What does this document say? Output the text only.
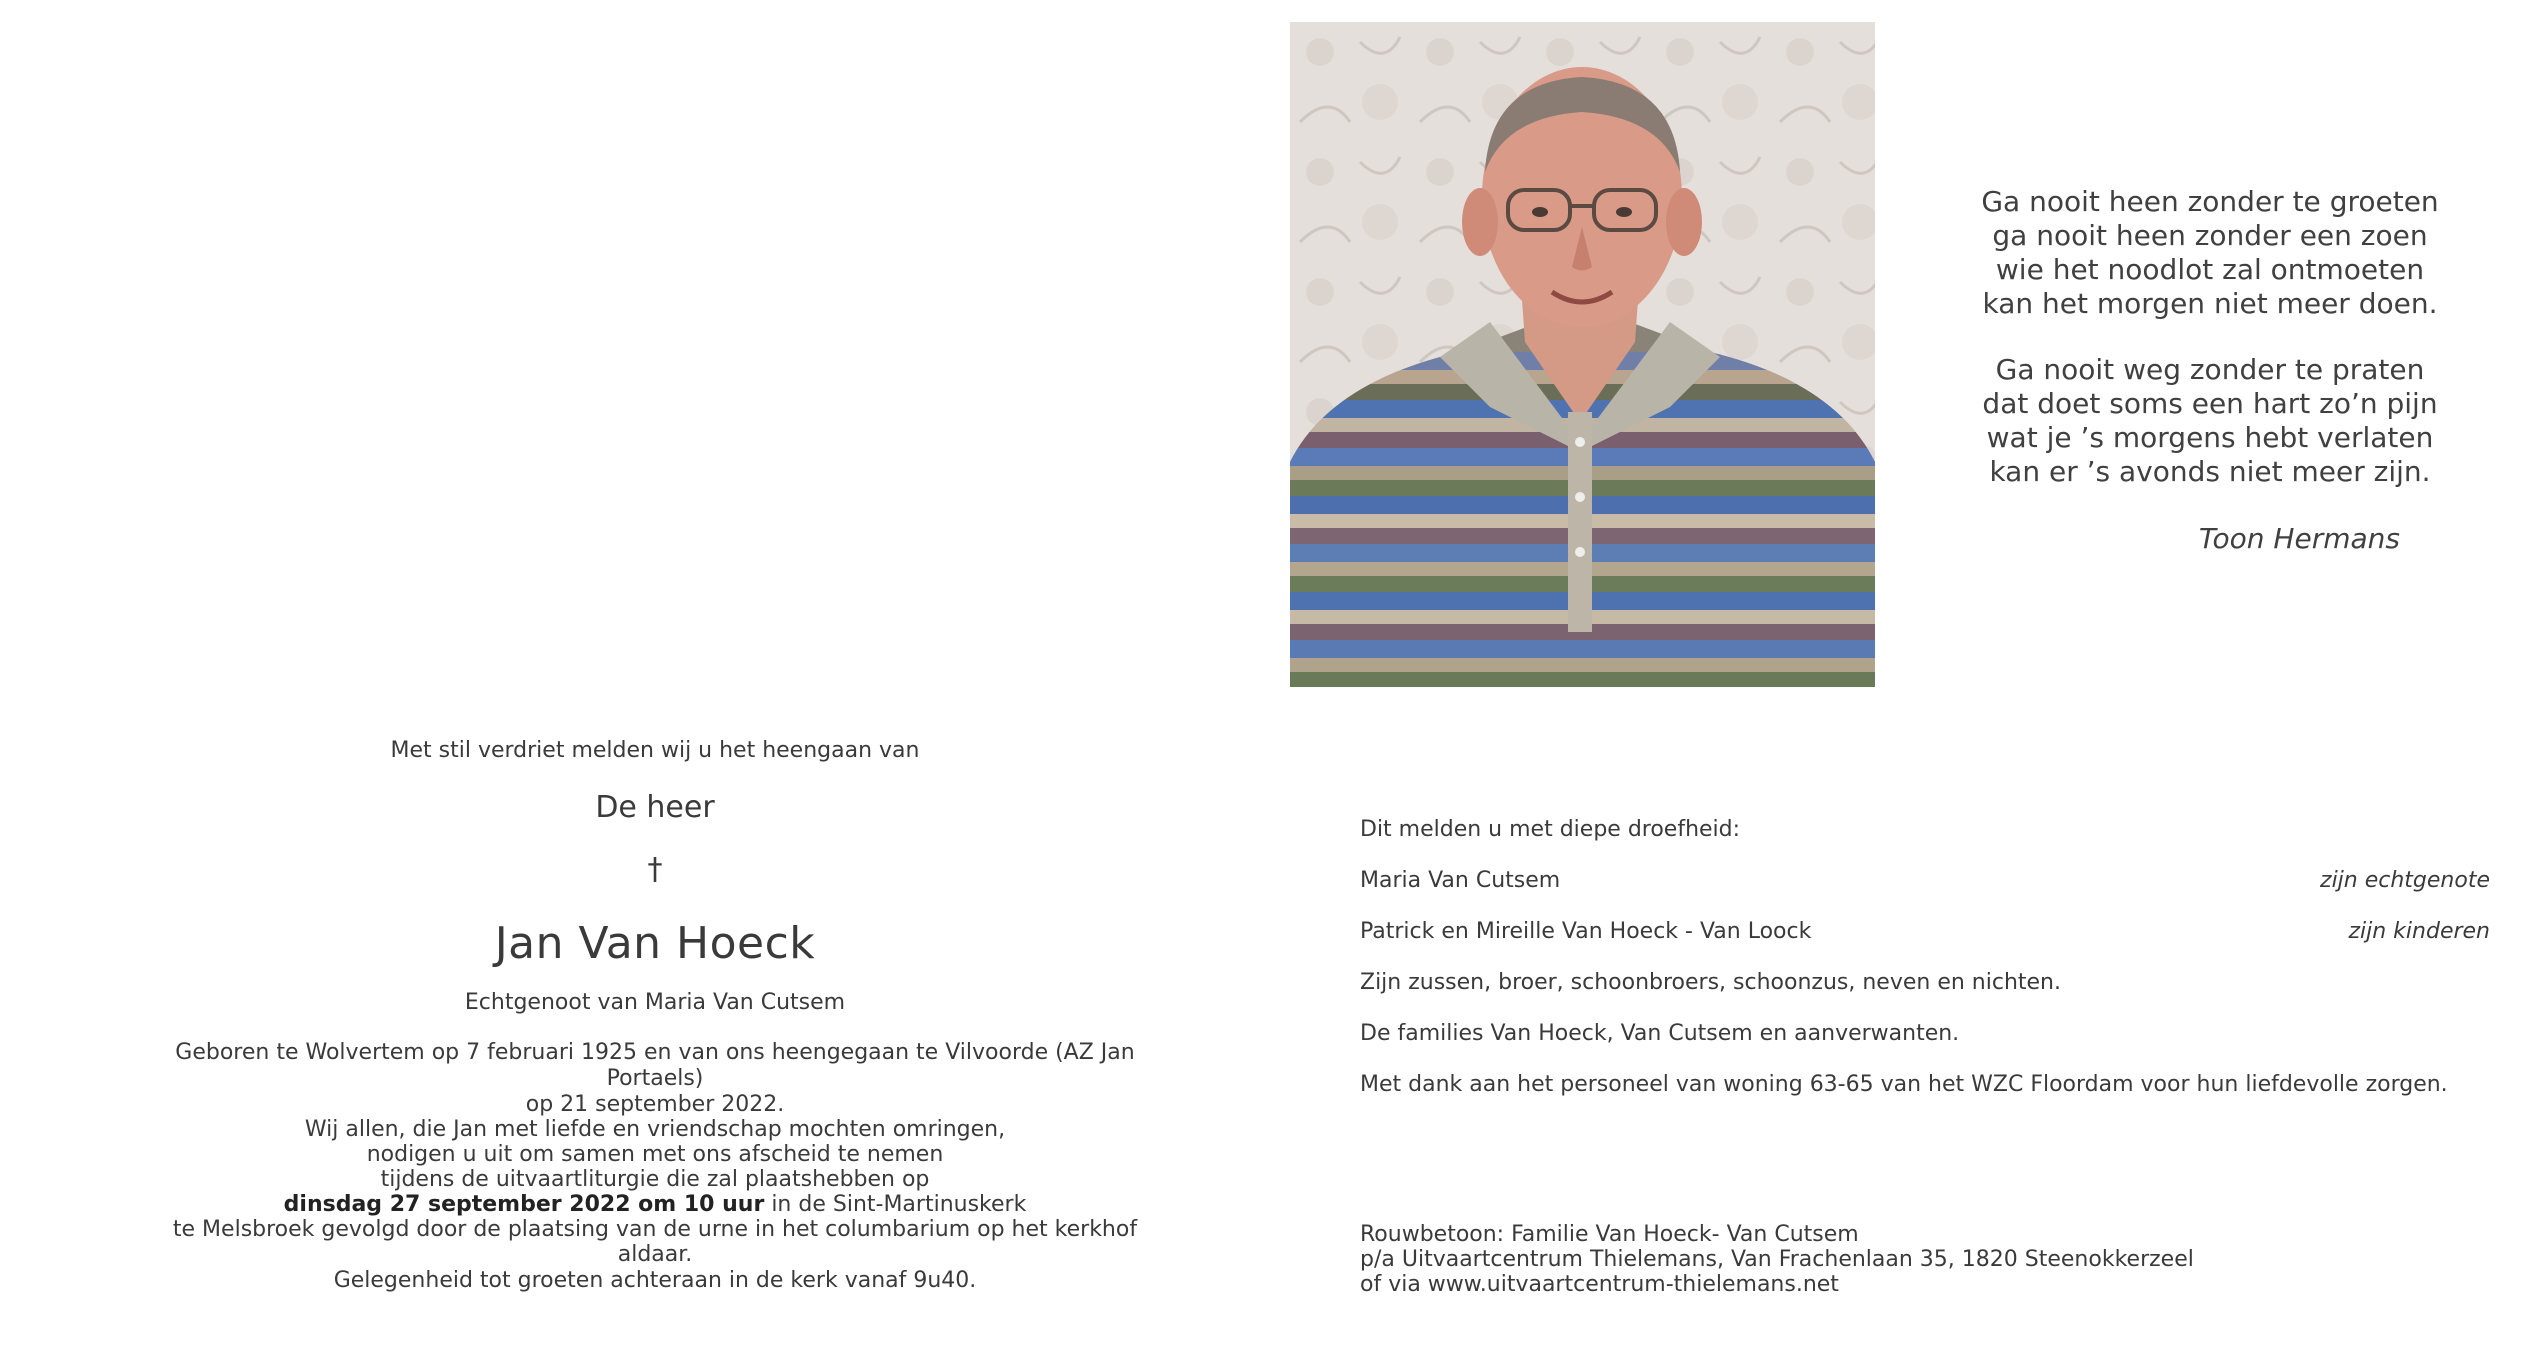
Met stil verdriet melden wij u het heengaan van
De heer
†
Jan Van Hoeck
Echtgenoot van Maria Van Cutsem
Geboren te Wolvertem op 7 februari 1925 en van ons heengegaan te Vilvoorde (AZ Jan Portaels)
op 21 september 2022.
Wij allen, die Jan met liefde en vriendschap mochten omringen,
nodigen u uit om samen met ons afscheid te nemen
tijdens de uitvaartliturgie die zal plaatshebben op
dinsdag 27 september 2022 om 10 uur in de Sint-Martinuskerk
te Melsbroek gevolgd door de plaatsing van de urne in het columbarium op het kerkhof aldaar.
Gelegenheid tot groeten achteraan in de kerk vanaf 9u40.
Ga nooit heen zonder te groeten
ga nooit heen zonder een zoen
wie het noodlot zal ontmoeten
kan het morgen niet meer doen.
Ga nooit weg zonder te praten
dat doet soms een hart zo’n pijn
wat je ’s morgens hebt verlaten
kan er ’s avonds niet meer zijn.
Toon Hermans
Dit melden u met diepe droefheid:
Maria Van Cutsem	zijn echtgenote
Patrick en Mireille Van Hoeck - Van Loock	zijn kinderen
Zijn zussen, broer, schoonbroers, schoonzus, neven en nichten.
De families Van Hoeck, Van Cutsem en aanverwanten.
Met dank aan het personeel van woning 63-65 van het WZC Floordam voor hun liefdevolle zorgen.
Rouwbetoon: Familie Van Hoeck- Van Cutsem
p/a Uitvaartcentrum Thielemans, Van Frachenlaan 35, 1820 Steenokkerzeel
of via www.uitvaartcentrum-thielemans.net
